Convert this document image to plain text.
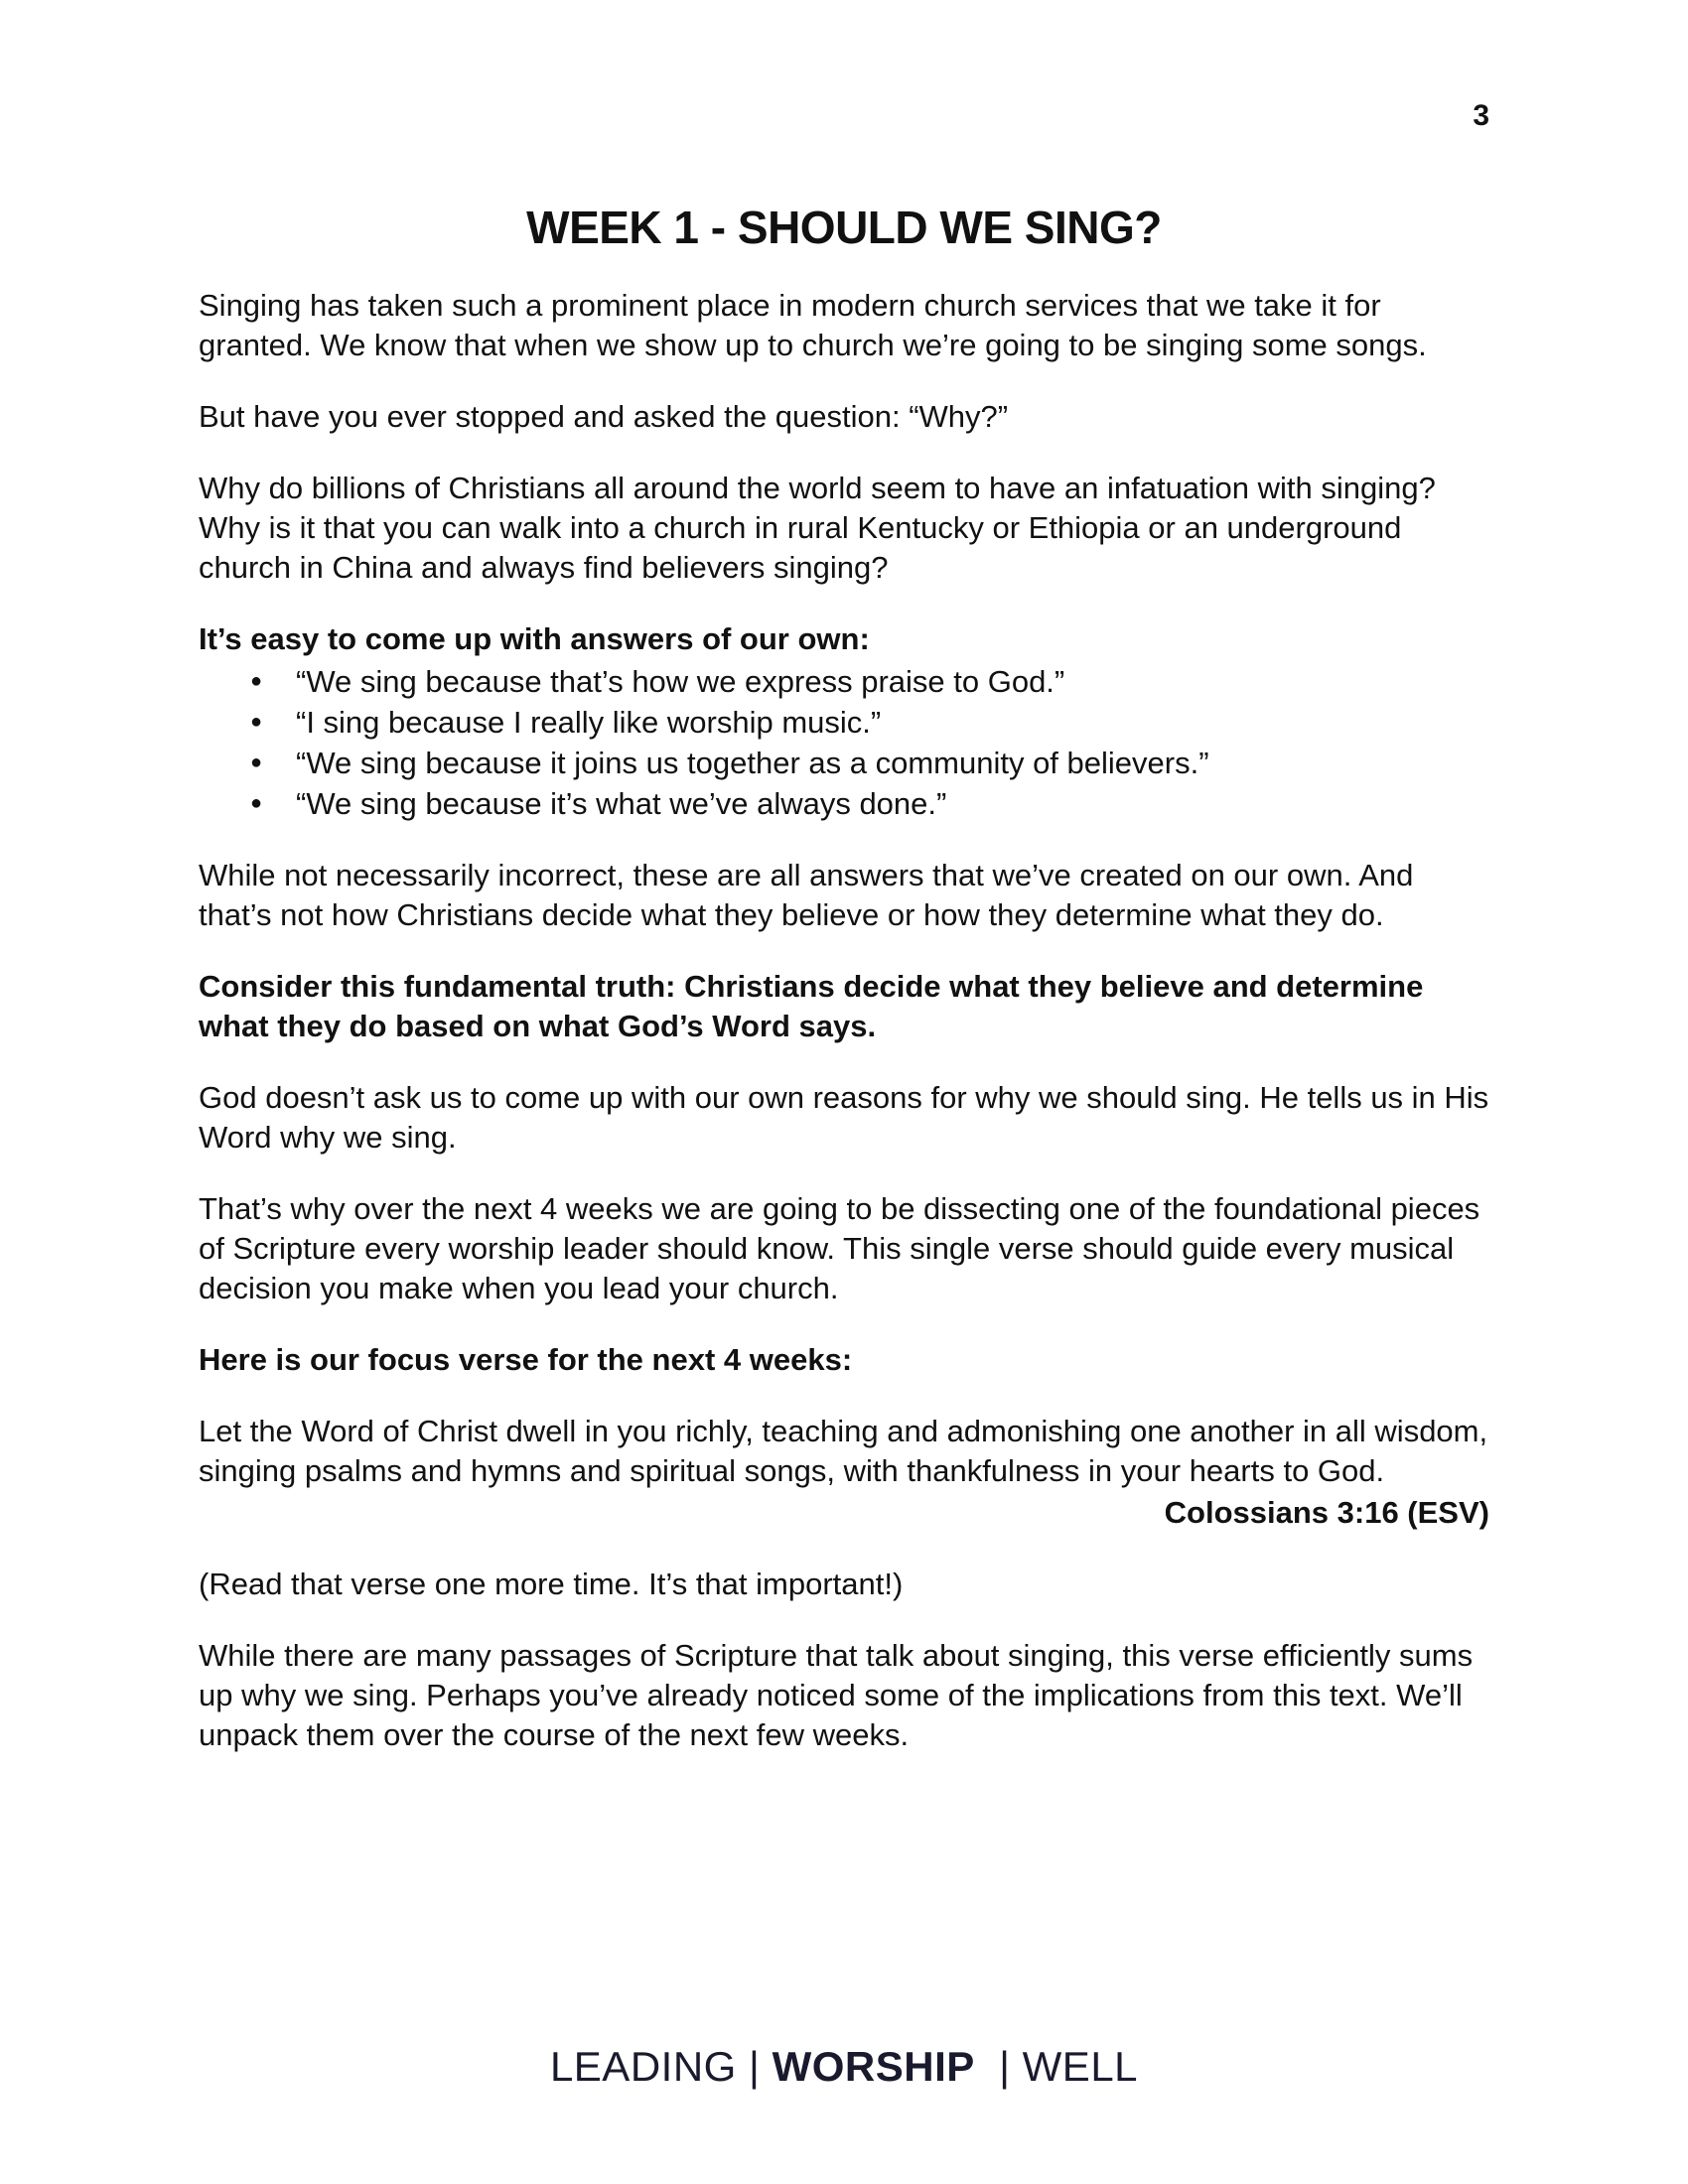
3
WEEK 1 - SHOULD WE SING?

Singing has taken such a prominent place in modern church services that we take it for granted. We know that when we show up to church we’re going to be singing some songs.

But have you ever stopped and asked the question: “Why?”

Why do billions of Christians all around the world seem to have an infatuation with singing? Why is it that you can walk into a church in rural Kentucky or Ethiopia or an underground church in China and always find believers singing?

It’s easy to come up with answers of our own:

● “We sing because that’s how we express praise to God.”
● “I sing because I really like worship music.”
● “We sing because it joins us together as a community of believers.”
● “We sing because it’s what we’ve always done.”

While not necessarily incorrect, these are all answers that we’ve created on our own. And that’s not how Christians decide what they believe or how they determine what they do.

Consider this fundamental truth: Christians decide what they believe and determine what they do based on what God’s Word says.

God doesn’t ask us to come up with our own reasons for why we should sing. He tells us in His Word why we sing.

That’s why over the next 4 weeks we are going to be dissecting one of the foundational pieces of Scripture every worship leader should know. This single verse should guide every musical decision you make when you lead your church.

Here is our focus verse for the next 4 weeks:

Let the Word of Christ dwell in you richly, teaching and admonishing one another in all wisdom, singing psalms and hymns and spiritual songs, with thankfulness in your hearts to God.

Colossians 3:16 (ESV)

(Read that verse one more time. It’s that important!)

While there are many passages of Scripture that talk about singing, this verse efficiently sums up why we sing. Perhaps you’ve already noticed some of the implications from this text. We’ll unpack them over the course of the next few weeks.

LEADING | WORSHIP  | WELL
